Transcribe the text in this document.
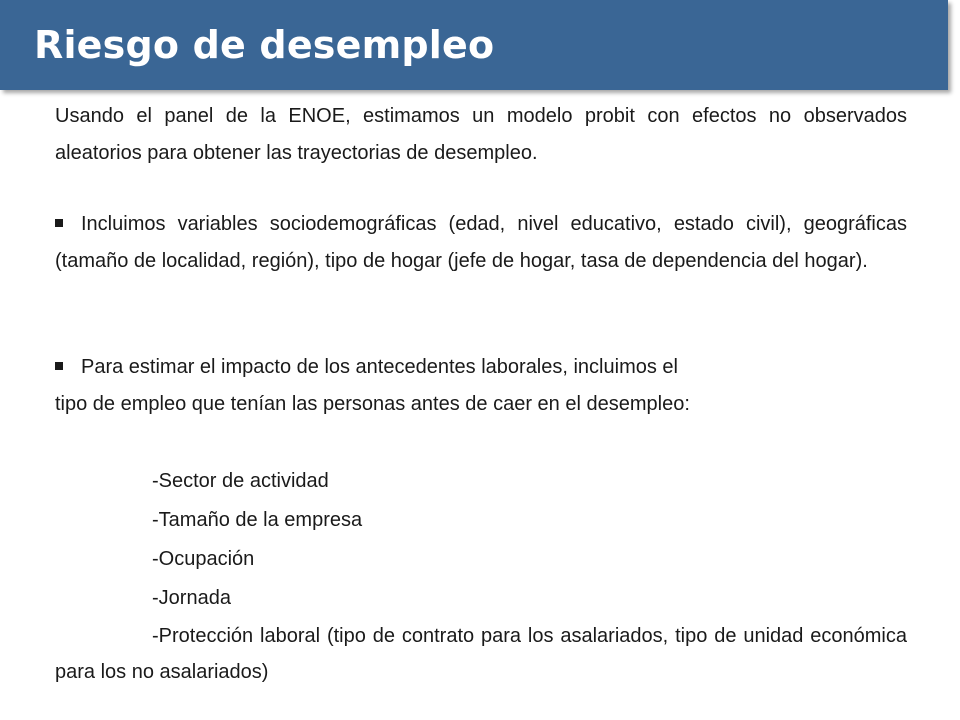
Riesgo de desempleo

Usando el panel de la ENOE, estimamos un modelo probit con efectos no observados aleatorios para obtener las trayectorias de desempleo.

Incluimos variables sociodemográficas (edad, nivel educativo, estado civil), geográficas (tamaño de localidad, región), tipo de hogar (jefe de hogar, tasa de dependencia del hogar).

Para estimar el impacto de los antecedentes laborales, incluimos el

tipo de empleo que tenían las personas antes de caer en el desempleo:

-Sector de actividad
-Tamaño de la empresa
-Ocupación
-Jornada
-Protección laboral (tipo de contrato para los asalariados, tipo de unidad económica para los no asalariados)
